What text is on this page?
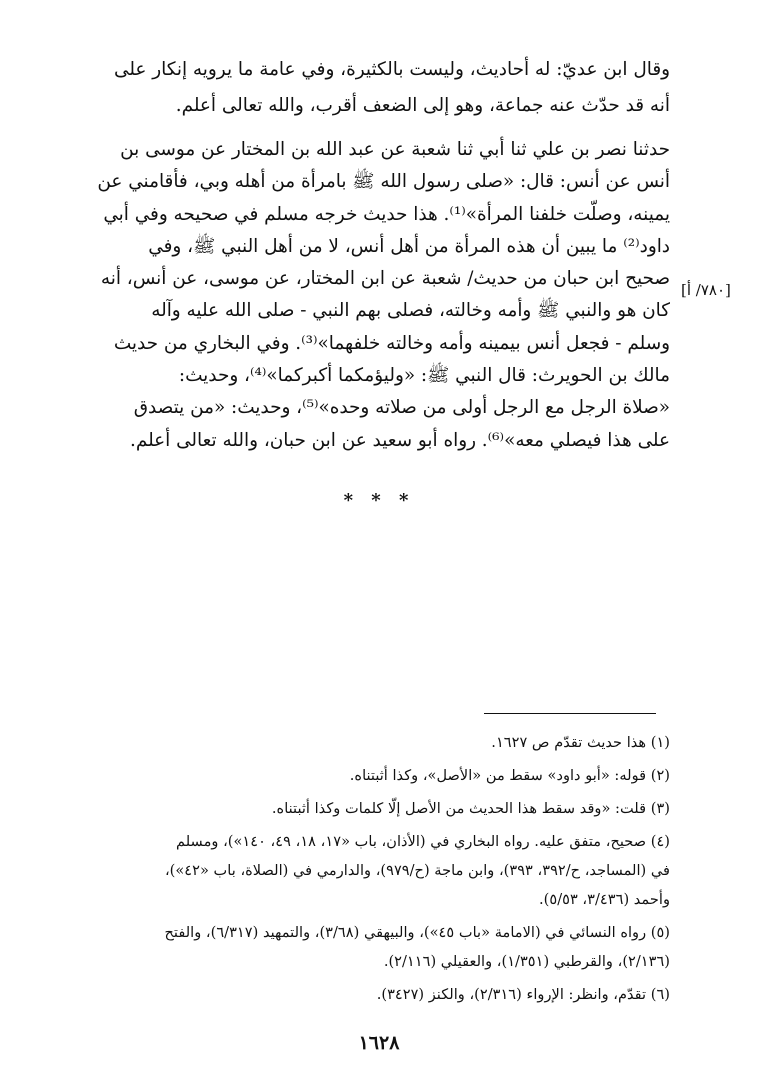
وقال ابن عديّ: له أحاديث، وليست بالكثيرة، وفي عامة ما يرويه إنكار على
أنه قد حدّث عنه جماعة، وهو إلى الضعف أقرب، والله تعالى أعلم.
حدثنا نصر بن علي ثنا أبي ثنا شعبة عن عبد الله بن المختار عن موسى بن
أنس عن أنس: قال: «صلى رسول الله ﷺ بامرأة من أهله وبي، فأقامني عن
يمينه، وصلّت خلفنا المرأة»⁽¹⁾. هذا حديث خرجه مسلم في صحيحه وفي أبي
داود⁽²⁾ ما يبين أن هذه المرأة من أهل أنس، لا من أهل النبي ﷺ، وفي
صحيح ابن حبان من حديث/ شعبة عن ابن المختار، عن موسى، عن أنس، أنه
كان هو والنبي ﷺ وأمه وخالته، فصلى بهم النبي - صلى الله عليه وآله
وسلم - فجعل أنس بيمينه وأمه وخالته خلفهما»⁽³⁾. وفي البخاري من حديث
مالك بن الحويرث: قال النبي ﷺ: «وليؤمكما أكبركما»⁽⁴⁾، وحديث:
«صلاة الرجل مع الرجل أولى من صلاته وحده»⁽⁵⁾، وحديث: «من يتصدق
على هذا فيصلي معه»⁽⁶⁾. رواه أبو سعيد عن ابن حبان، والله تعالى أعلم.
[٧٨٠/ أ]
* * *
(١) هذا حديث تقدّم ص ١٦٢٧.
(٢) قوله: «أبو داود» سقط من «الأصل»، وكذا أثبتناه.
(٣) قلت: «وقد سقط هذا الحديث من الأصل إلّا كلمات وكذا أثبتناه.
(٤) صحيح، متفق عليه. رواه البخاري في (الأذان، باب «١٧، ١٨، ٤٩، ١٤٠»)، ومسلم
في (المساجد، ح/٣٩٢، ٣٩٣)، وابن ماجة (ح/٩٧٩)، والدارمي في (الصلاة، باب «٤٢»)،
وأحمد (٣/٤٣٦، ٥/٥٣).
(٥) رواه النسائي في (الامامة «باب ٤٥»)، والبيهقي (٣/٦٨)، والتمهيد (٦/٣١٧)، والفتح
(٢/١٣٦)، والقرطبي (١/٣٥١)، والعقيلي (٢/١١٦).
(٦) تقدّم، وانظر: الإرواء (٢/٣١٦)، والكنز (٣٤٢٧).
١٦٢٨
